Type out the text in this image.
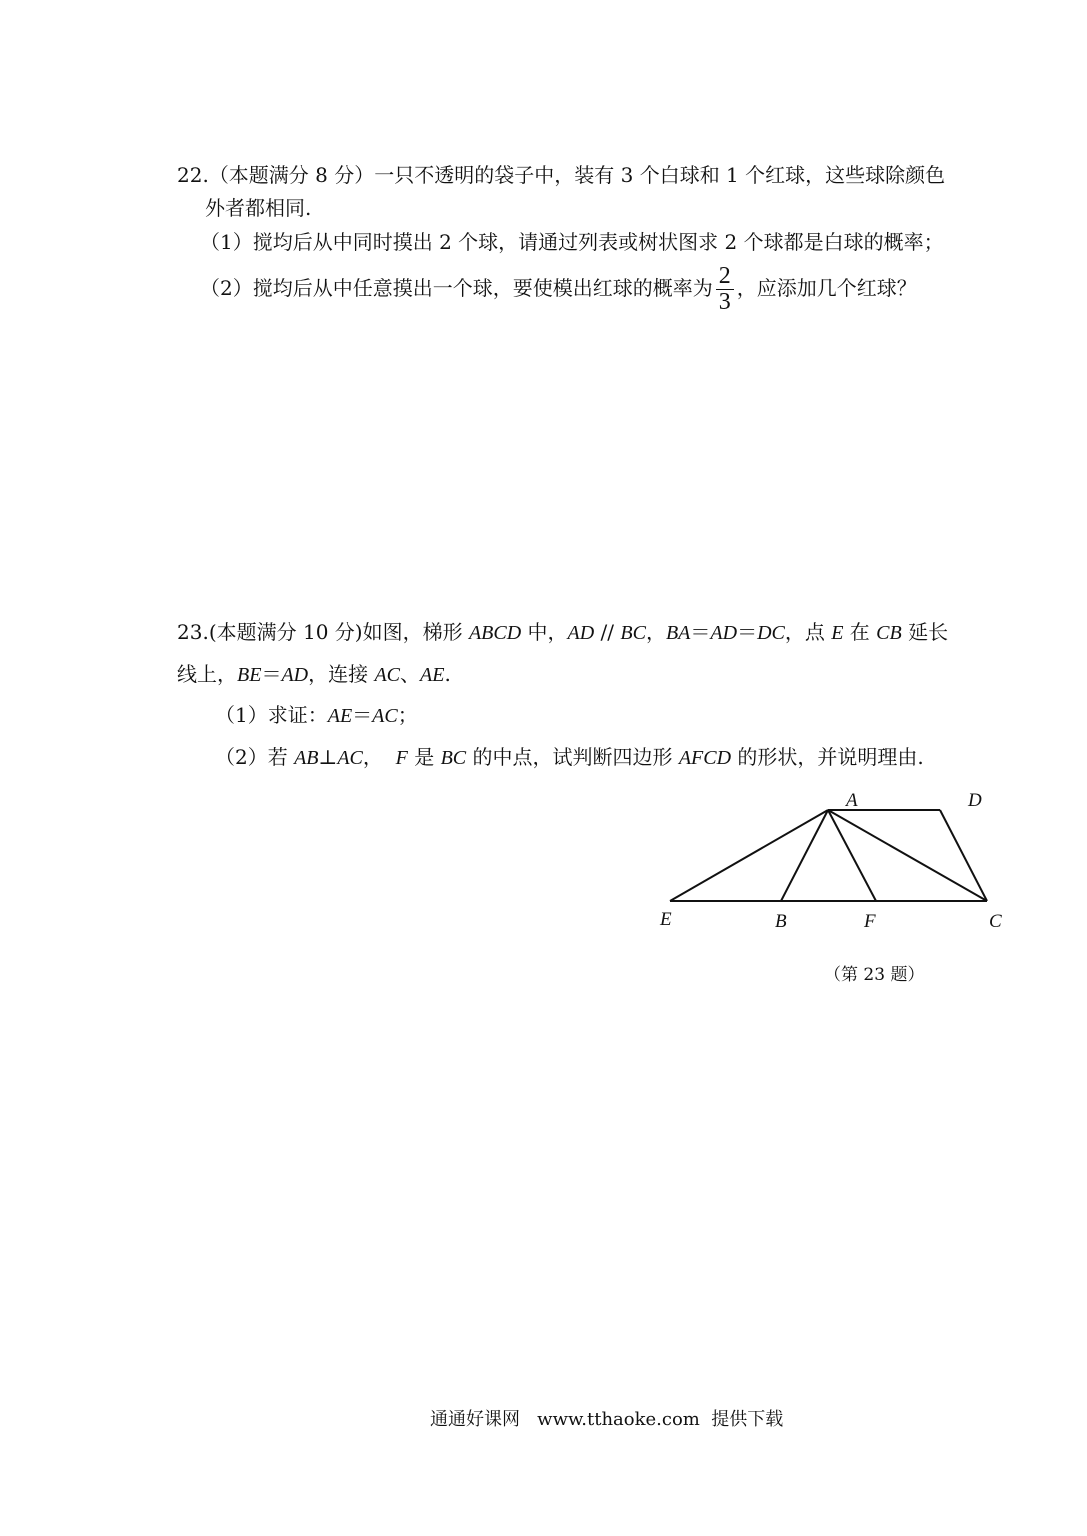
22.（本题满分 8 分）一只不透明的袋子中，装有 3 个白球和 1 个红球，这些球除颜色
外者都相同.
（1）搅均后从中同时摸出 2 个球，请通过列表或树状图求 2 个球都是白球的概率；
（2）搅均后从中任意摸出一个球，要使模出红球的概率为 $\frac{2}{3}$ ，应添加几个红球？
23.(本题满分 10 分)如图，梯形 ABCD 中，AD // BC，BA＝AD＝DC，点 E 在 CB 延长
线上，BE＝AD，连接 AC、AE.
（1）求证：AE＝AC；
（2）若 AB⊥AC，  F 是 BC 的中点，试判断四边形 AFCD 的形状，并说明理由.
A	D
E	B	F	C
（第 23 题）
通通好课网   www.tthaoke.com  提供下载
